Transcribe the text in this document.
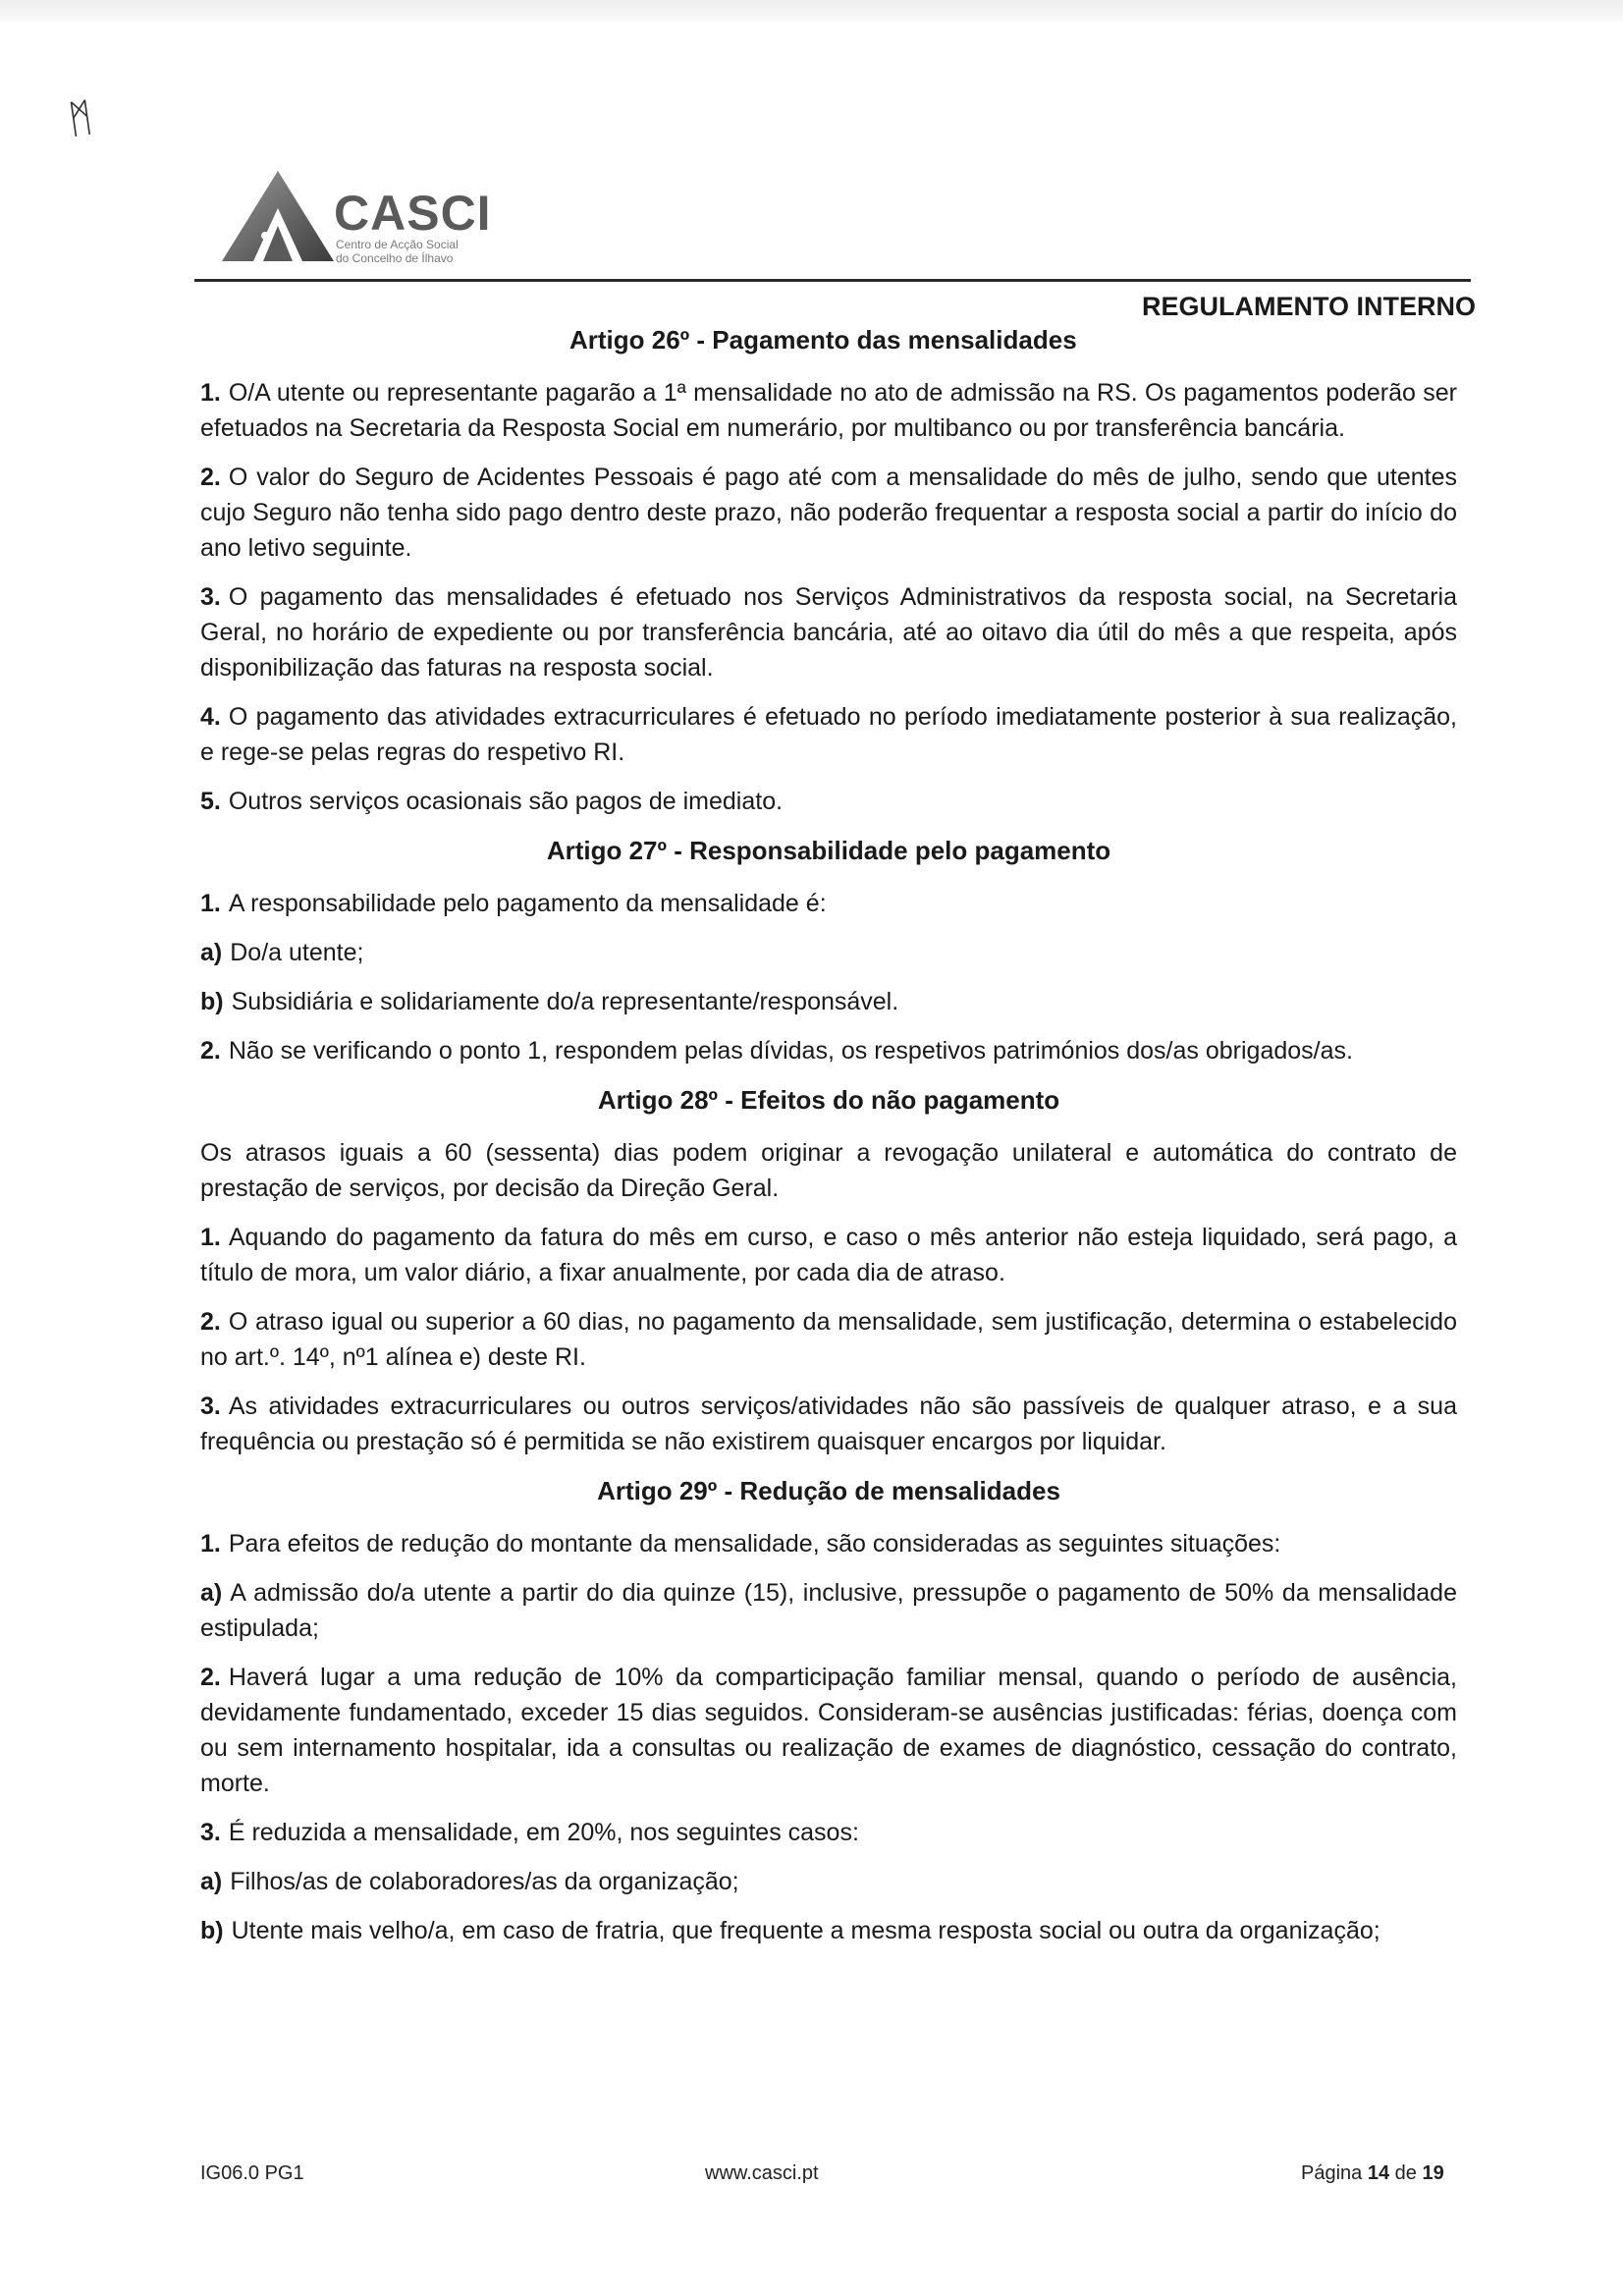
ᛗ
CASCI
Centro de Acção Social
do Concelho de Ílhavo
REGULAMENTO INTERNO
Artigo 26º - Pagamento das mensalidades

1. O/A utente ou representante pagarão a 1ª mensalidade no ato de admissão na RS. Os pagamentos poderão ser efetuados na Secretaria da Resposta Social em numerário, por multibanco ou por transferência bancária.

2. O valor do Seguro de Acidentes Pessoais é pago até com a mensalidade do mês de julho, sendo que utentes cujo Seguro não tenha sido pago dentro deste prazo, não poderão frequentar a resposta social a partir do início do ano letivo seguinte.

3. O pagamento das mensalidades é efetuado nos Serviços Administrativos da resposta social, na Secretaria Geral, no horário de expediente ou por transferência bancária, até ao oitavo dia útil do mês a que respeita, após disponibilização das faturas na resposta social.

4. O pagamento das atividades extracurriculares é efetuado no período imediatamente posterior à sua realização, e rege-se pelas regras do respetivo RI.

5. Outros serviços ocasionais são pagos de imediato.

Artigo 27º - Responsabilidade pelo pagamento

1. A responsabilidade pelo pagamento da mensalidade é:

a) Do/a utente;

b) Subsidiária e solidariamente do/a representante/responsável.

2. Não se verificando o ponto 1, respondem pelas dívidas, os respetivos patrimónios dos/as obrigados/as.

Artigo 28º - Efeitos do não pagamento

Os atrasos iguais a 60 (sessenta) dias podem originar a revogação unilateral e automática do contrato de prestação de serviços, por decisão da Direção Geral.

1. Aquando do pagamento da fatura do mês em curso, e caso o mês anterior não esteja liquidado, será pago, a título de mora, um valor diário, a fixar anualmente, por cada dia de atraso.

2. O atraso igual ou superior a 60 dias, no pagamento da mensalidade, sem justificação, determina o estabelecido no art.º. 14º, nº1 alínea e) deste RI.

3. As atividades extracurriculares ou outros serviços/atividades não são passíveis de qualquer atraso, e a sua frequência ou prestação só é permitida se não existirem quaisquer encargos por liquidar.

Artigo 29º - Redução de mensalidades

1. Para efeitos de redução do montante da mensalidade, são consideradas as seguintes situações:

a) A admissão do/a utente a partir do dia quinze (15), inclusive, pressupõe o pagamento de 50% da mensalidade estipulada;

2. Haverá lugar a uma redução de 10% da comparticipação familiar mensal, quando o período de ausência, devidamente fundamentado, exceder 15 dias seguidos. Consideram-se ausências justificadas: férias, doença com ou sem internamento hospitalar, ida a consultas ou realização de exames de diagnóstico, cessação do contrato, morte.

3. É reduzida a mensalidade, em 20%, nos seguintes casos:

a) Filhos/as de colaboradores/as da organização;

b) Utente mais velho/a, em caso de fratria, que frequente a mesma resposta social ou outra da organização;

IG06.0 PG1	www.casci.pt	Página 14 de 19
